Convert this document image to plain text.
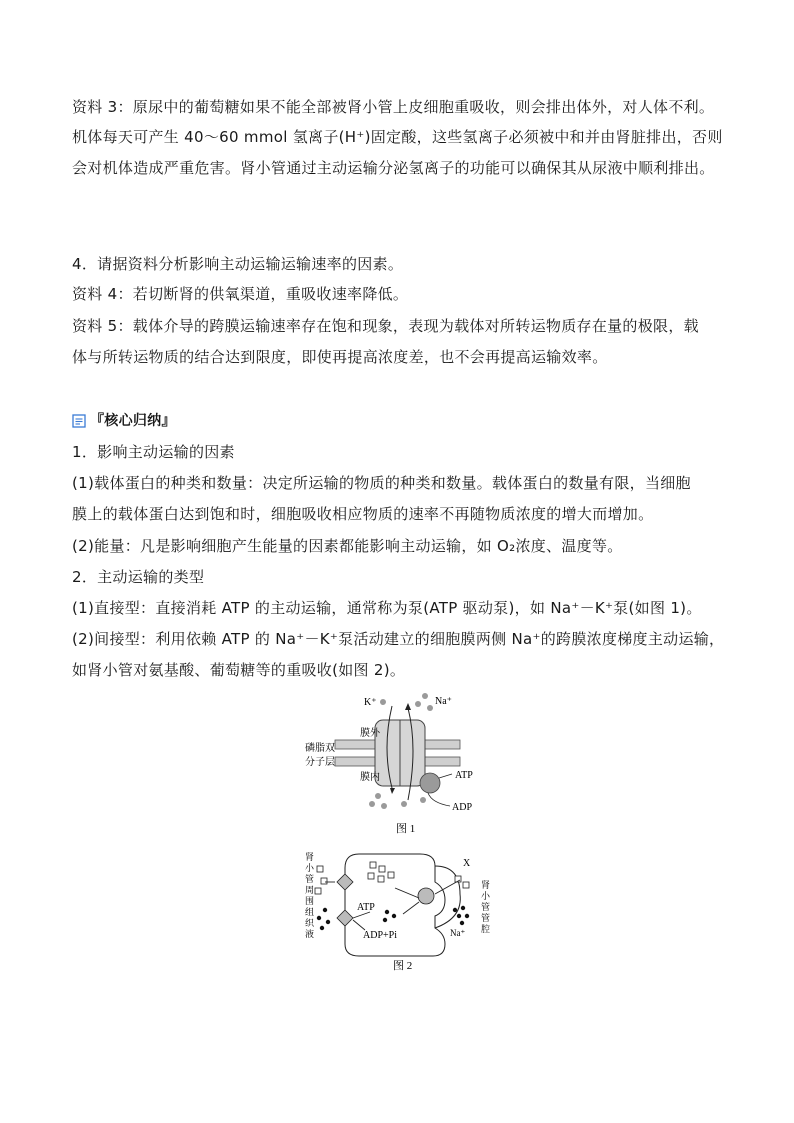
资料 3：原尿中的葡萄糖如果不能全部被肾小管上皮细胞重吸收，则会排出体外，对人体不利。
机体每天可产生 40～60 mmol 氢离子(H⁺)固定酸，这些氢离子必须被中和并由肾脏排出，否则
会对机体造成严重危害。肾小管通过主动运输分泌氢离子的功能可以确保其从尿液中顺利排出。
4．请据资料分析影响主动运输运输速率的因素。
资料 4：若切断肾的供氧渠道，重吸收速率降低。
资料 5：载体介导的跨膜运输速率存在饱和现象，表现为载体对所转运物质存在量的极限，载
体与所转运物质的结合达到限度，即使再提高浓度差，也不会再提高运输效率。
『核心归纳』
1．影响主动运输的因素
(1)载体蛋白的种类和数量：决定所运输的物质的种类和数量。载体蛋白的数量有限，当细胞
膜上的载体蛋白达到饱和时，细胞吸收相应物质的速率不再随物质浓度的增大而增加。
(2)能量：凡是影响细胞产生能量的因素都能影响主动运输，如 O₂浓度、温度等。
2．主动运输的类型
(1)直接型：直接消耗 ATP 的主动运输，通常称为泵(ATP 驱动泵)，如 Na⁺－K⁺泵(如图 1)。
(2)间接型：利用依赖 ATP 的 Na⁺－K⁺泵活动建立的细胞膜两侧 Na⁺的跨膜浓度梯度主动运输，
如肾小管对氨基酸、葡萄糖等的重吸收(如图 2)。
K⁺	Na⁺
膜外
膜内
磷脂双
分子层
ATP
ADP
图 1
肾小管周围组织液
肾小管管腔
X
ATP
ADP+Pi	Na⁺
图 2
